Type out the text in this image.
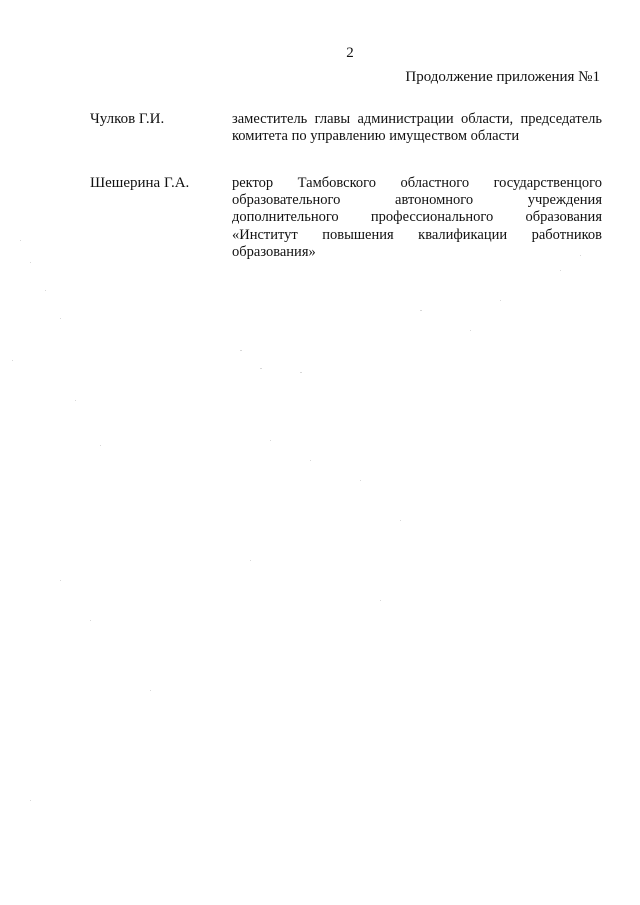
2
Продолжение приложения №1
Чулков Г.И.	заместитель главы администрации области, председатель комитета по управлению имуществом области
Шешерина Г.А.	ректор Тамбовского областного государственцого образовательного автономного учреждения дополнительного профессионального образования «Институт повышения квалификации работников образования»
